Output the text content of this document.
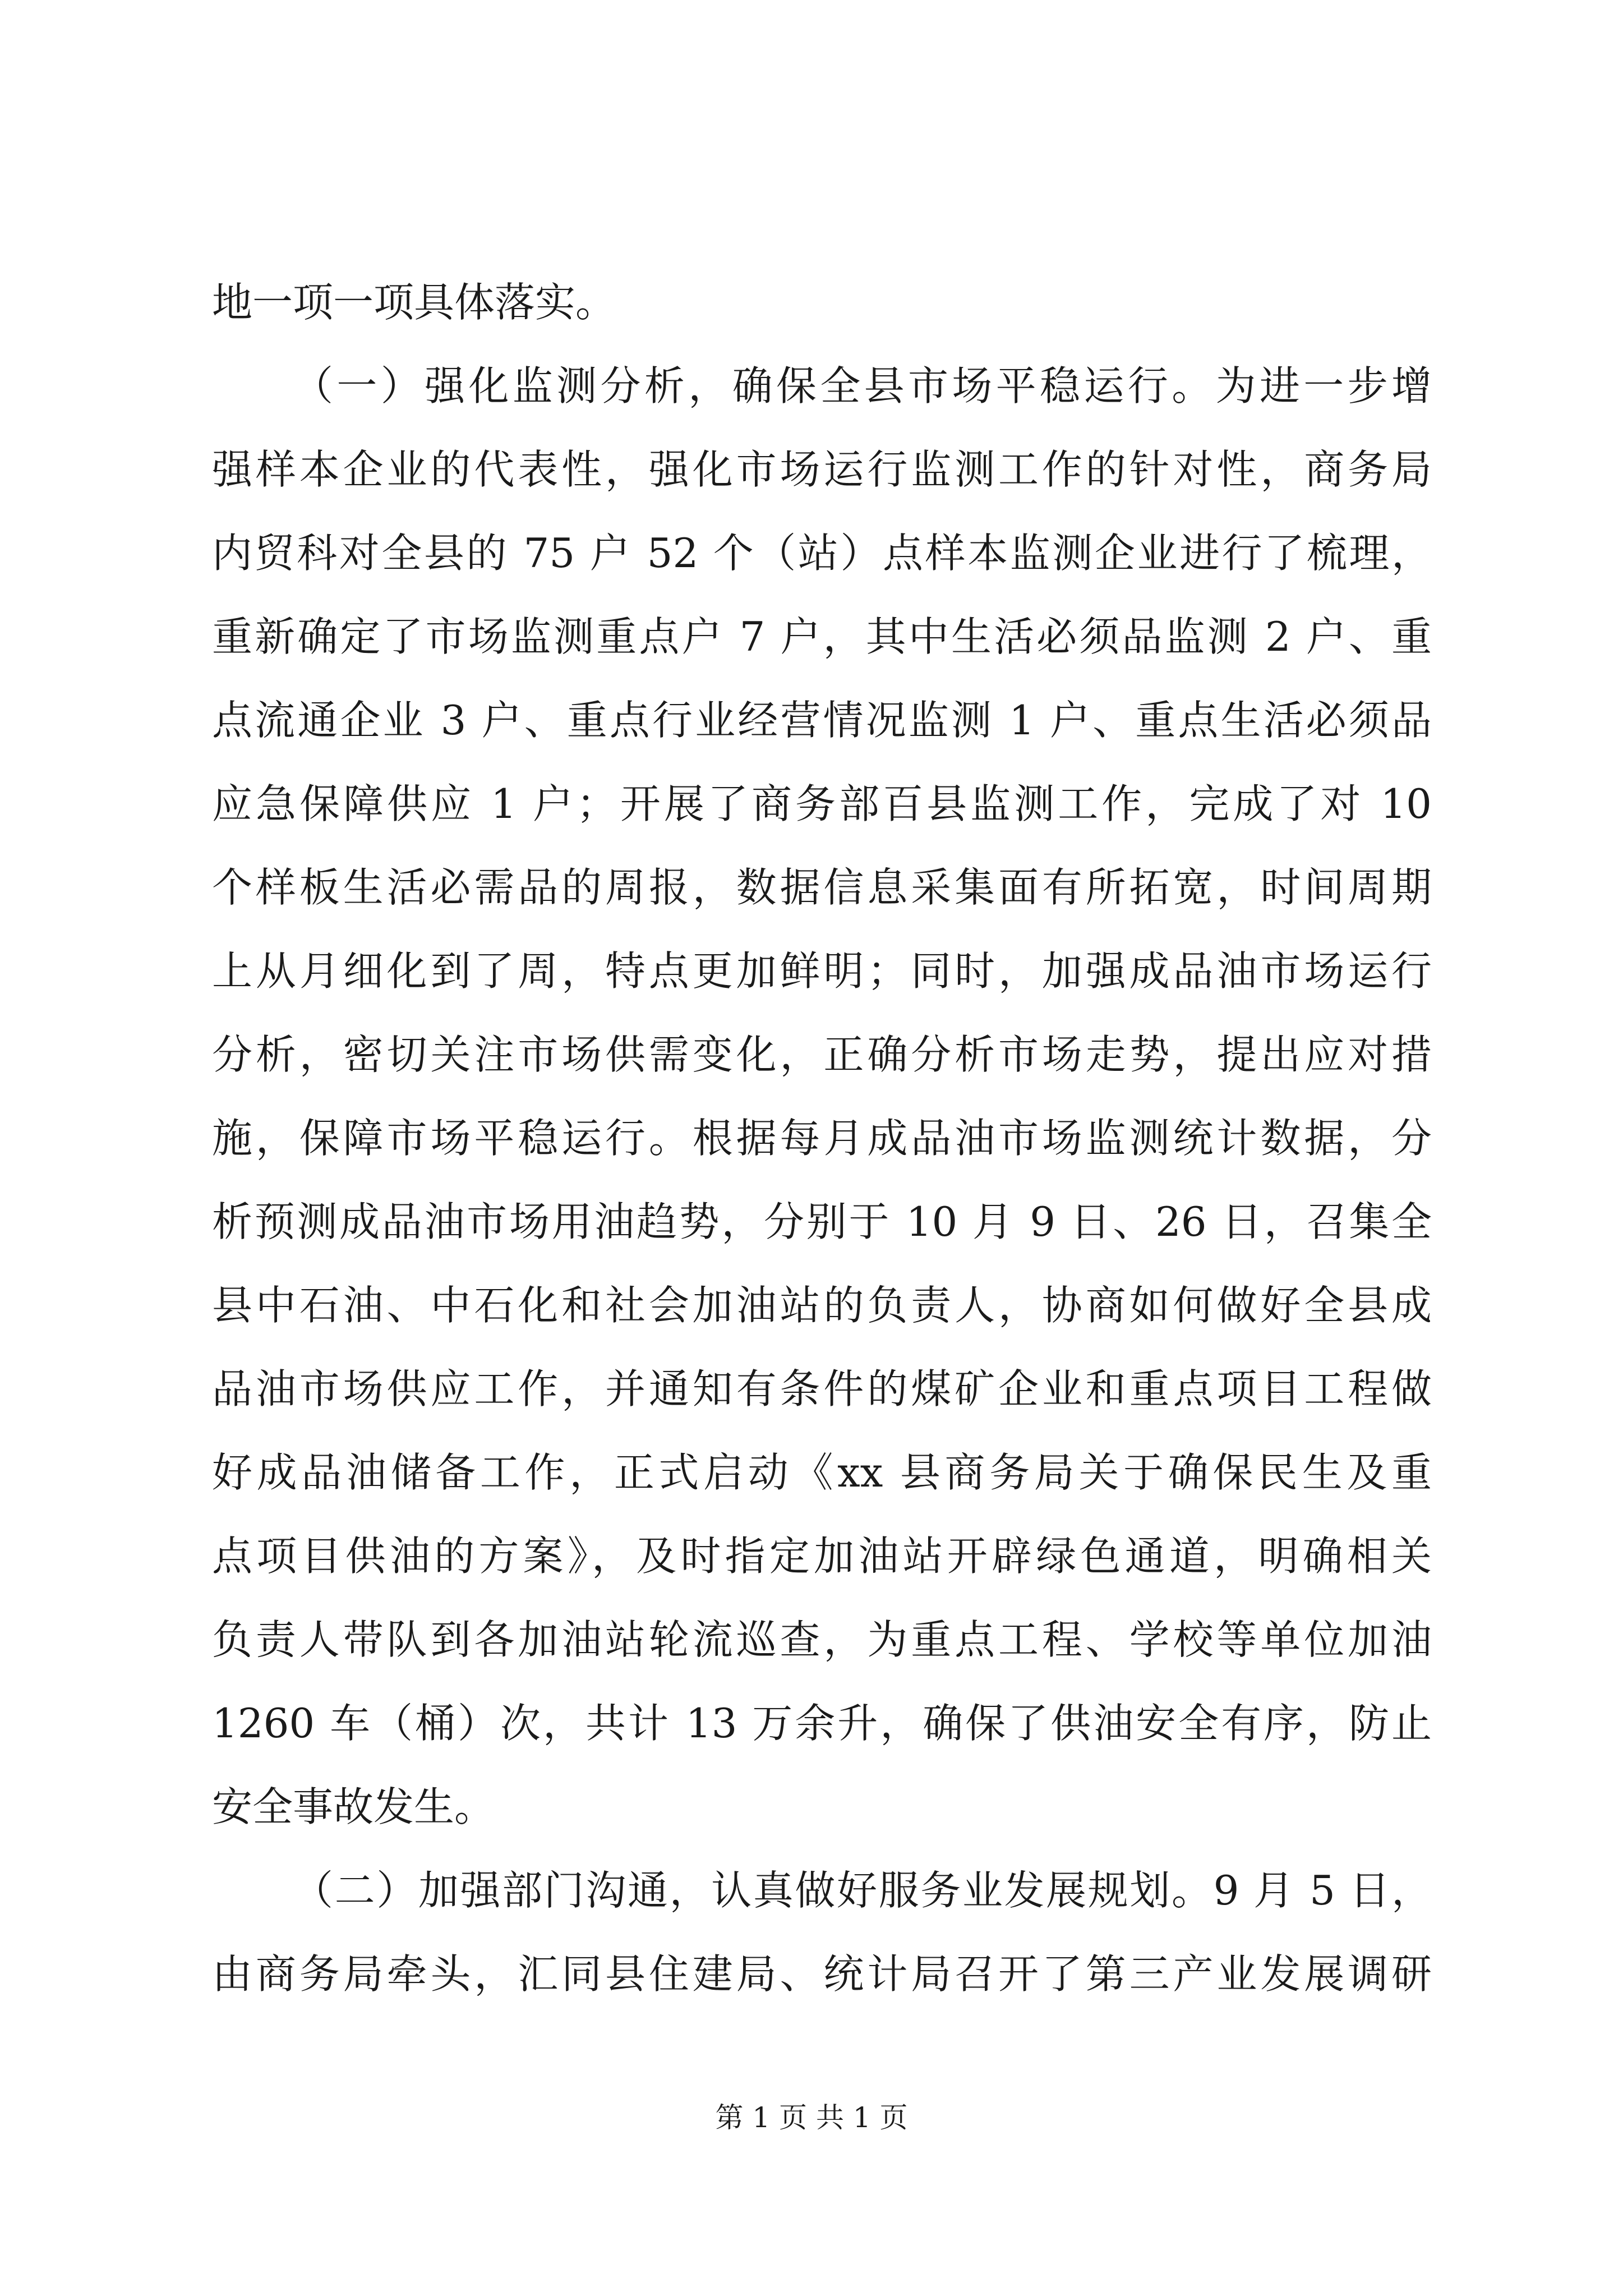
地一项一项具体落实。
（一）强化监测分析，确保全县市场平稳运行。为进一步增
强样本企业的代表性，强化市场运行监测工作的针对性，商务局
内贸科对全县的 75 户 52 个（站）点样本监测企业进行了梳理，
重新确定了市场监测重点户 7 户，其中生活必须品监测 2 户、重
点流通企业 3 户、重点行业经营情况监测 1 户、重点生活必须品
应急保障供应 1 户；开展了商务部百县监测工作，完成了对 10
个样板生活必需品的周报，数据信息采集面有所拓宽，时间周期
上从月细化到了周，特点更加鲜明；同时，加强成品油市场运行
分析，密切关注市场供需变化，正确分析市场走势，提出应对措
施，保障市场平稳运行。根据每月成品油市场监测统计数据，分
析预测成品油市场用油趋势，分别于 10 月 9 日、26 日，召集全
县中石油、中石化和社会加油站的负责人，协商如何做好全县成
品油市场供应工作，并通知有条件的煤矿企业和重点项目工程做
好成品油储备工作，正式启动《xx 县商务局关于确保民生及重
点项目供油的方案》，及时指定加油站开辟绿色通道，明确相关
负责人带队到各加油站轮流巡查，为重点工程、学校等单位加油
1260 车（桶）次，共计 13 万余升，确保了供油安全有序，防止
安全事故发生。
（二）加强部门沟通，认真做好服务业发展规划。9 月 5 日，
由商务局牵头，汇同县住建局、统计局召开了第三产业发展调研
第 1 页 共 1 页
